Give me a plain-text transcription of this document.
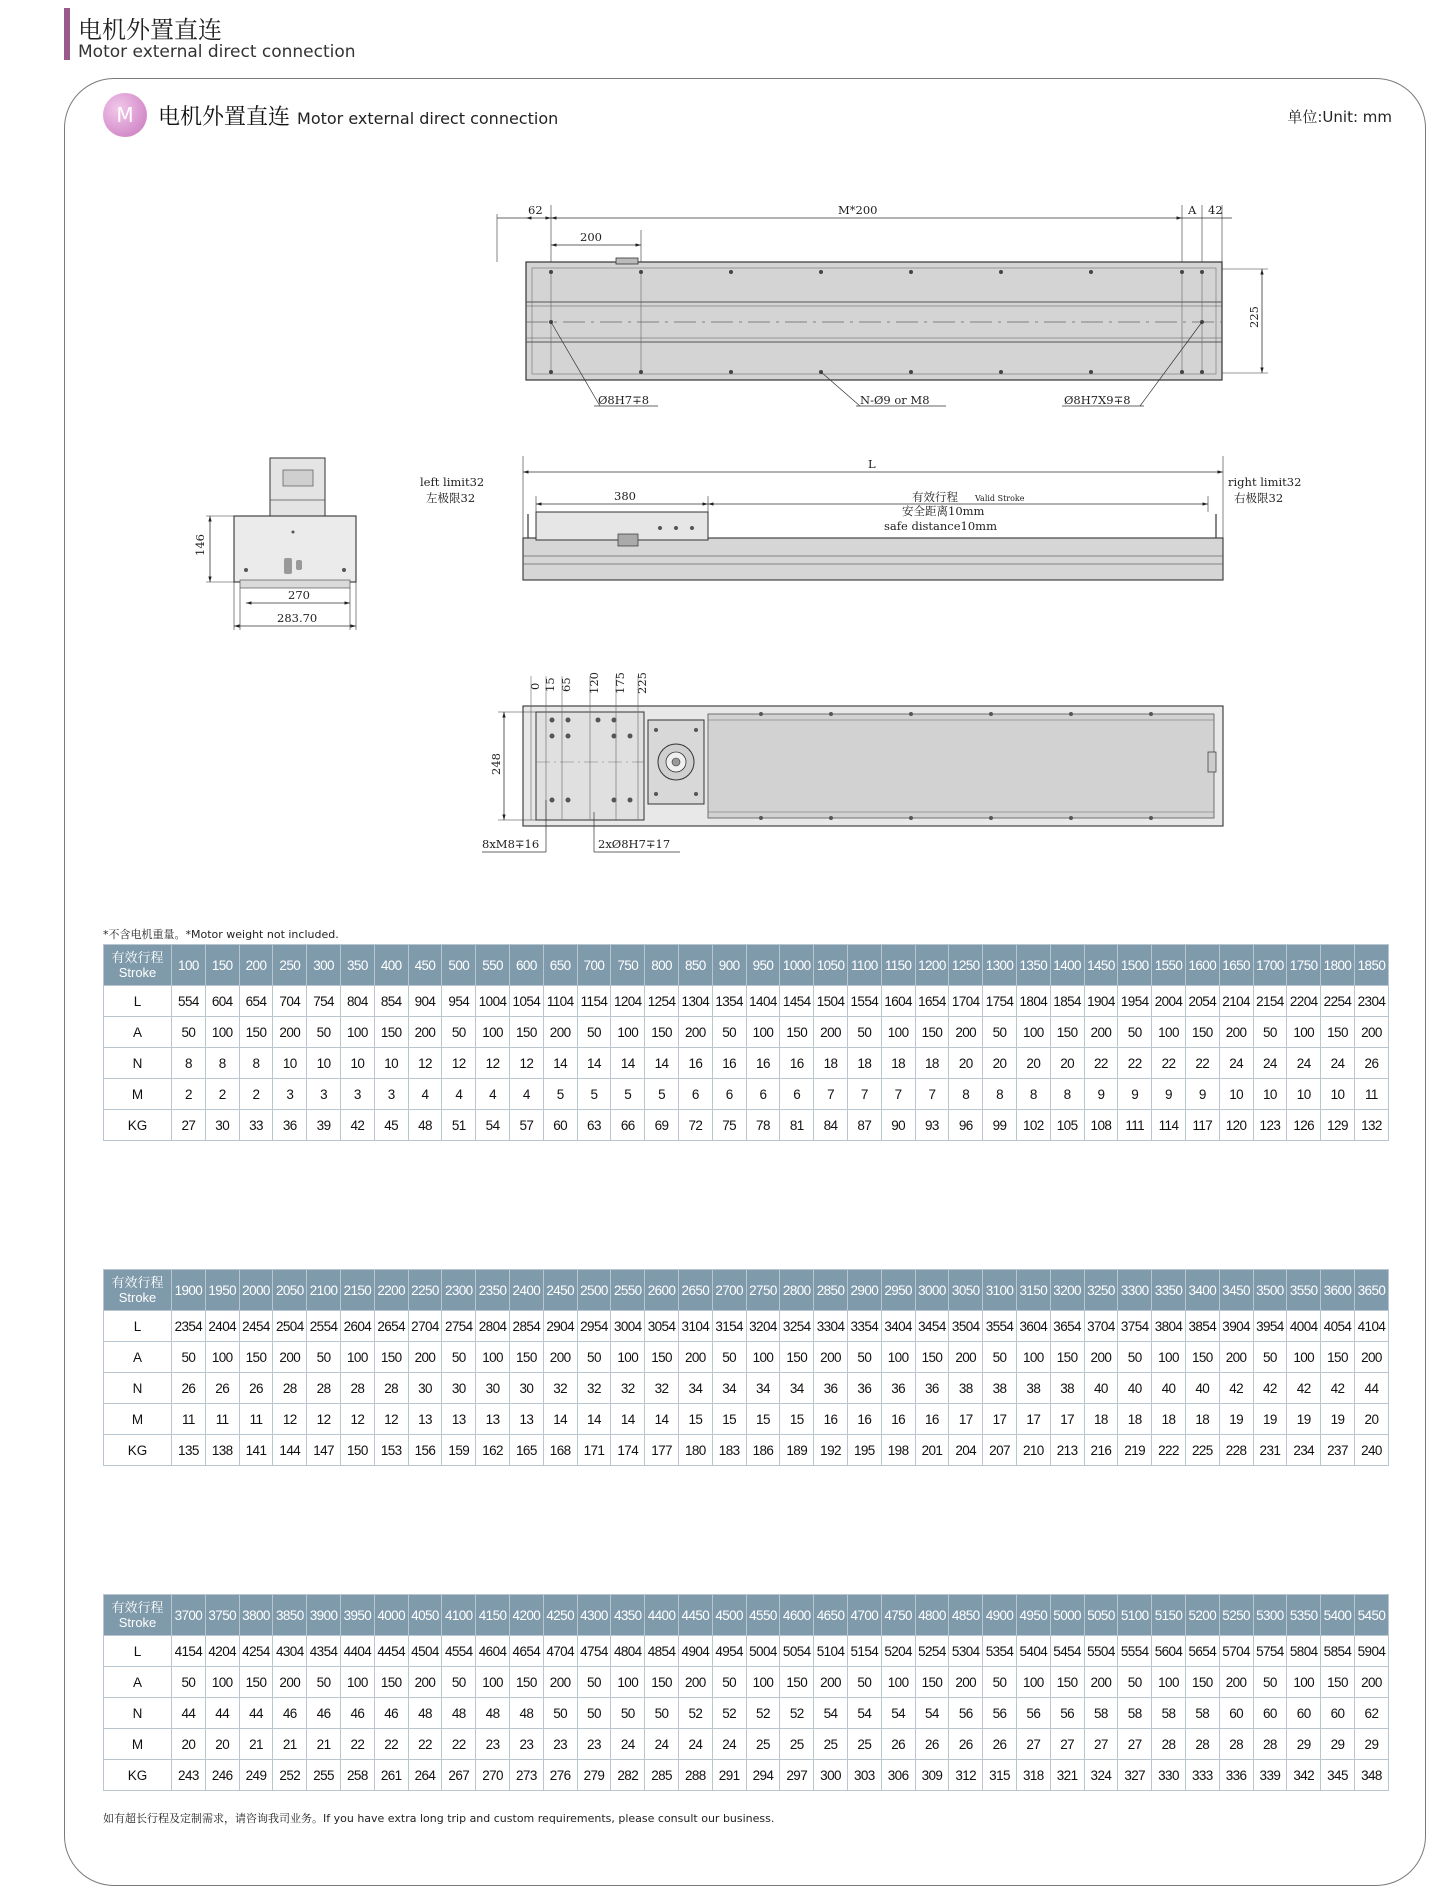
电机外置直连
Motor external direct connection
M	电机外置直连 Motor external direct connection	单位:Unit: mm
62
200
M*200	A 42
225
Ø8H7∓8	N-Ø9 or M8	Ø8H7X9∓8
146
270
283.70
L
380
left limit32
左极限32	有效行程 Valid Stroke
安全距离10mm
safe distance10mm
right limit32
右极限32
0 15 65 120 175 225
248
8xM8∓16	2xØ8H7∓17
*不含电机重量。*Motor weight not included.
有效行程
Stroke	100	150	200	250	300	350	400	450	500	550	600	650	700	750	800	850	900	950	1000	1050	1100	1150	1200	1250	1300	1350	1400	1450	1500	1550	1600	1650	1700	1750	1800	1850
L	554	604	654	704	754	804	854	904	954	1004	1054	1104	1154	1204	1254	1304	1354	1404	1454	1504	1554	1604	1654	1704	1754	1804	1854	1904	1954	2004	2054	2104	2154	2204	2254	2304
A	50	100	150	200	50	100	150	200	50	100	150	200	50	100	150	200	50	100	150	200	50	100	150	200	50	100	150	200	50	100	150	200	50	100	150	200
N	8	8	8	10	10	10	10	12	12	12	12	14	14	14	14	16	16	16	16	18	18	18	18	20	20	20	20	22	22	22	22	24	24	24	24	26
M	2	2	2	3	3	3	3	4	4	4	4	5	5	5	5	6	6	6	6	7	7	7	7	8	8	8	8	9	9	9	9	10	10	10	10	11
KG	27	30	33	36	39	42	45	48	51	54	57	60	63	66	69	72	75	78	81	84	87	90	93	96	99	102	105	108	111	114	117	120	123	126	129	132
有效行程
Stroke	1900	1950	2000	2050	2100	2150	2200	2250	2300	2350	2400	2450	2500	2550	2600	2650	2700	2750	2800	2850	2900	2950	3000	3050	3100	3150	3200	3250	3300	3350	3400	3450	3500	3550	3600	3650
L	2354	2404	2454	2504	2554	2604	2654	2704	2754	2804	2854	2904	2954	3004	3054	3104	3154	3204	3254	3304	3354	3404	3454	3504	3554	3604	3654	3704	3754	3804	3854	3904	3954	4004	4054	4104
A	50	100	150	200	50	100	150	200	50	100	150	200	50	100	150	200	50	100	150	200	50	100	150	200	50	100	150	200	50	100	150	200	50	100	150	200
N	26	26	26	28	28	28	28	30	30	30	30	32	32	32	32	34	34	34	34	36	36	36	36	38	38	38	38	40	40	40	40	42	42	42	42	44
M	11	11	11	12	12	12	12	13	13	13	13	14	14	14	14	15	15	15	15	16	16	16	16	17	17	17	17	18	18	18	18	19	19	19	19	20
KG	135	138	141	144	147	150	153	156	159	162	165	168	171	174	177	180	183	186	189	192	195	198	201	204	207	210	213	216	219	222	225	228	231	234	237	240
有效行程
Stroke	3700	3750	3800	3850	3900	3950	4000	4050	4100	4150	4200	4250	4300	4350	4400	4450	4500	4550	4600	4650	4700	4750	4800	4850	4900	4950	5000	5050	5100	5150	5200	5250	5300	5350	5400	5450
L	4154	4204	4254	4304	4354	4404	4454	4504	4554	4604	4654	4704	4754	4804	4854	4904	4954	5004	5054	5104	5154	5204	5254	5304	5354	5404	5454	5504	5554	5604	5654	5704	5754	5804	5854	5904
A	50	100	150	200	50	100	150	200	50	100	150	200	50	100	150	200	50	100	150	200	50	100	150	200	50	100	150	200	50	100	150	200	50	100	150	200
N	44	44	44	46	46	46	46	48	48	48	48	50	50	50	50	52	52	52	52	54	54	54	54	56	56	56	56	58	58	58	58	60	60	60	60	62
M	20	20	21	21	21	22	22	22	22	23	23	23	23	24	24	24	24	25	25	25	25	26	26	26	26	27	27	27	27	28	28	28	28	29	29	29
KG	243	246	249	252	255	258	261	264	267	270	273	276	279	282	285	288	291	294	297	300	303	306	309	312	315	318	321	324	327	330	333	336	339	342	345	348
如有超长行程及定制需求，请咨询我司业务。If you have extra long trip and custom requirements, please consult our business.
